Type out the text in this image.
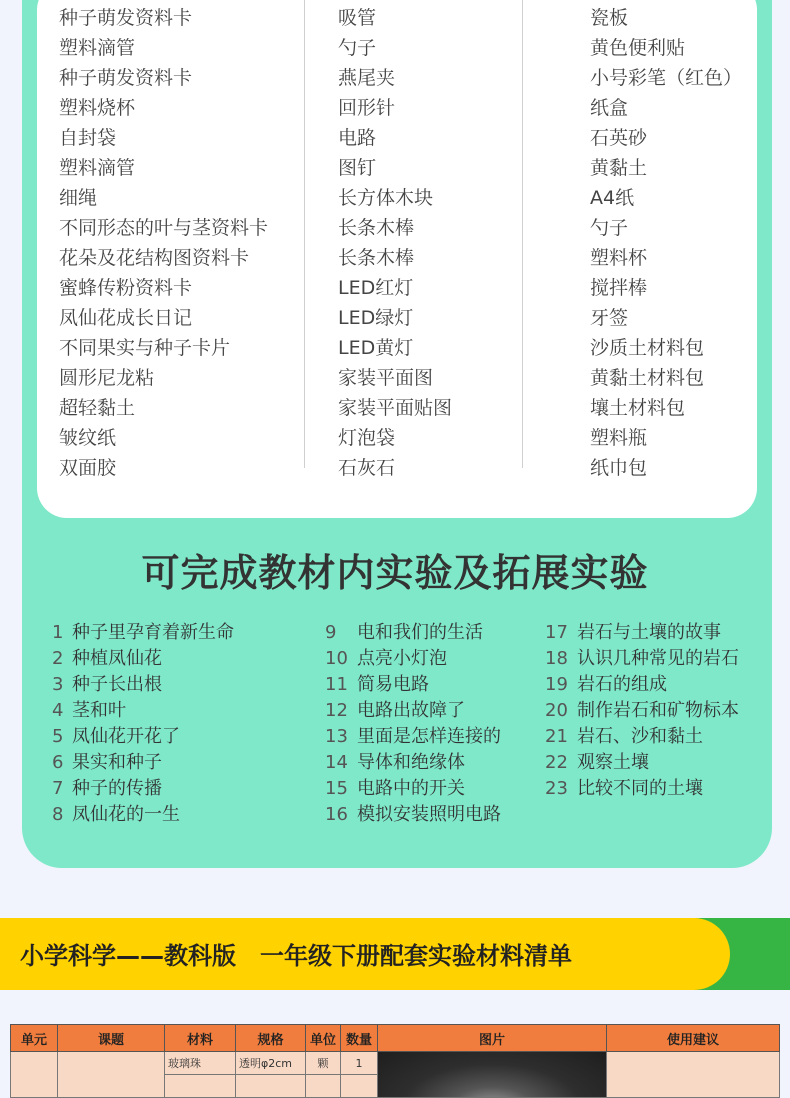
种子萌发资料卡
塑料滴管
种子萌发资料卡
塑料烧杯
自封袋
塑料滴管
细绳
不同形态的叶与茎资料卡
花朵及花结构图资料卡
蜜蜂传粉资料卡
凤仙花成长日记
不同果实与种子卡片
圆形尼龙粘
超轻黏土
皱纹纸
双面胶
吸管
勺子
燕尾夹
回形针
电路
图钉
长方体木块
长条木棒
长条木棒
LED红灯
LED绿灯
LED黄灯
家装平面图
家装平面贴图
灯泡袋
石灰石
瓷板
黄色便利贴
小号彩笔（红色）
纸盒
石英砂
黄黏土
A4纸
勺子
塑料杯
搅拌棒
牙签
沙质土材料包
黄黏土材料包
壤土材料包
塑料瓶
纸巾包
可完成教材内实验及拓展实验
1 种子里孕育着新生命
2 种植凤仙花
3 种子长出根
4 茎和叶
5 凤仙花开花了
6 果实和种子
7 种子的传播
8 凤仙花的一生
9 电和我们的生活
10 点亮小灯泡
11 简易电路
12 电路出故障了
13 里面是怎样连接的
14 导体和绝缘体
15 电路中的开关
16 模拟安装照明电路
17 岩石与土壤的故事
18 认识几种常见的岩石
19 岩石的组成
20 制作岩石和矿物标本
21 岩石、沙和黏土
22 观察土壤
23 比较不同的土壤
小学科学——教科版　一年级下册配套实验材料清单
单元	课题	材料	规格	单位	数量	图片	使用建议
		玻璃珠	透明φ2cm	颗	1	
